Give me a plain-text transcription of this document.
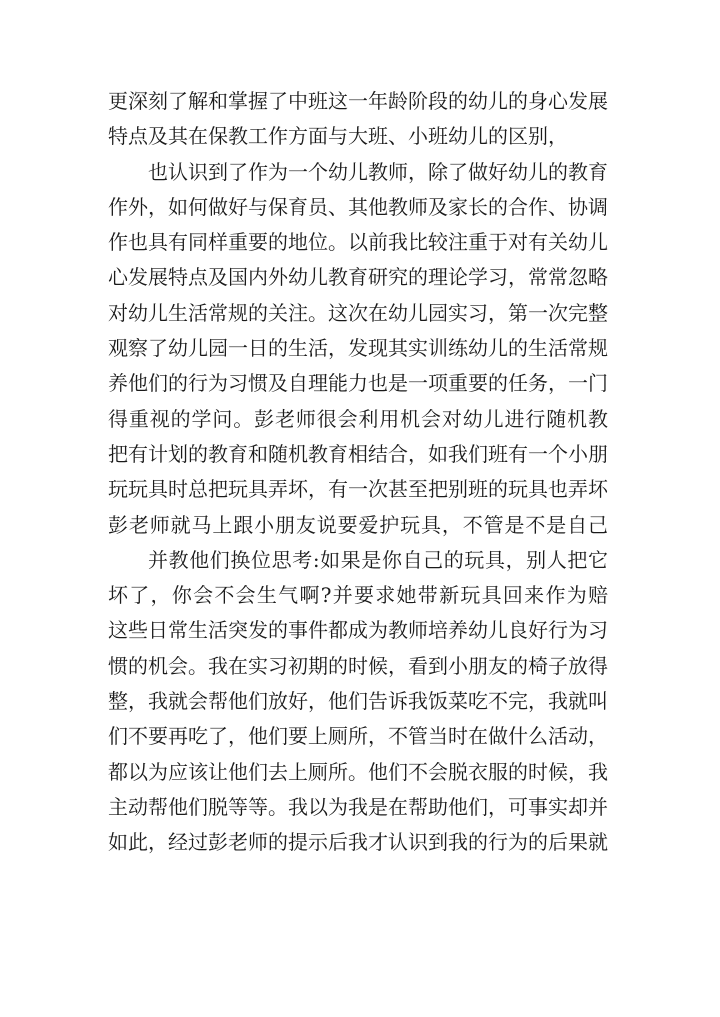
更深刻了解和掌握了中班这一年龄阶段的幼儿的身心发展
特点及其在保教工作方面与大班、小班幼儿的区别，
也认识到了作为一个幼儿教师，除了做好幼儿的教育
作外，如何做好与保育员、其他教师及家长的合作、协调
作也具有同样重要的地位。以前我比较注重于对有关幼儿
心发展特点及国内外幼儿教育研究的理论学习，常常忽略
对幼儿生活常规的关注。这次在幼儿园实习，第一次完整
观察了幼儿园一日的生活，发现其实训练幼儿的生活常规
养他们的行为习惯及自理能力也是一项重要的任务，一门
得重视的学问。彭老师很会利用机会对幼儿进行随机教
把有计划的教育和随机教育相结合，如我们班有一个小朋
玩玩具时总把玩具弄坏，有一次甚至把别班的玩具也弄坏
彭老师就马上跟小朋友说要爱护玩具，不管是不是自己
并教他们换位思考:如果是你自己的玩具，别人把它
坏了，你会不会生气啊?并要求她带新玩具回来作为赔
这些日常生活突发的事件都成为教师培养幼儿良好行为习
惯的机会。我在实习初期的时候，看到小朋友的椅子放得
整，我就会帮他们放好，他们告诉我饭菜吃不完，我就叫
们不要再吃了，他们要上厕所，不管当时在做什么活动，
都以为应该让他们去上厕所。他们不会脱衣服的时候，我
主动帮他们脱等等。我以为我是在帮助他们，可事实却并
如此，经过彭老师的提示后我才认识到我的行为的后果就
